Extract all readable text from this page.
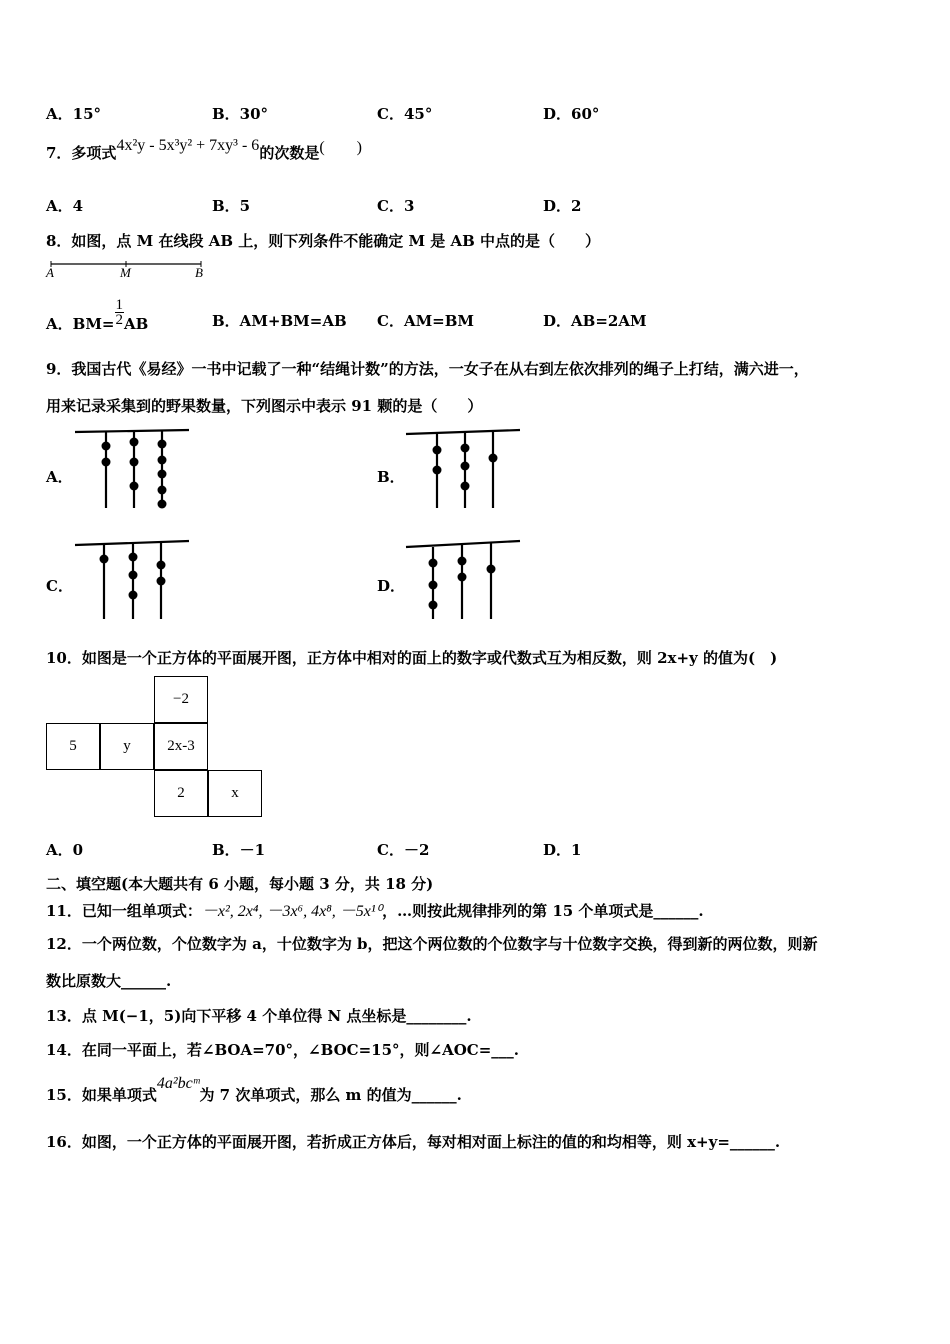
A．15°	B．30°	C．45°	D．60°
7．多项式4x²y - 5x³y² + 7xy³ - 6的次数是(　　)
A．4	B．5	C．3	D．2
8．如图，点 M 在线段 AB 上，则下列条件不能确定 M 是 AB 中点的是（　　）
A	M	B
A．$BM= \frac{1}{2}$ AB	B．AM+BM=AB C．AM=BM	D．AB=2AM
9．我国古代《易经》一书中记载了一种“结绳计数”的方法，一女子在从右到左依次排列的绳子上打结，满六进一，
用来记录采集到的野果数量，下列图示中表示 91 颗的是（　　）
A．	B．
C．	D．
10．如图是一个正方体的平面展开图，正方体中相对的面上的数字或代数式互为相反数，则 2x+y 的值为(　)
−2
5	y	2x-3
2	x
A．0	B．－1	C．－2	D．1
二、填空题(本大题共有 6 小题，每小题 3 分，共 18 分)
11．已知一组单项式：－x², 2x⁴, －3x⁶, 4x⁸, －5x¹⁰，…则按此规律排列的第 15 个单项式是______.
12．一个两位数，个位数字为 a，十位数字为 b，把这个两位数的个位数字与十位数字交换，得到新的两位数，则新
数比原数大______.
13．点 M(−1，5)向下平移 4 个单位得 N 点坐标是________.
14．在同一平面上，若∠BOA=70°，∠BOC=15°，则∠AOC=___.
15．如果单项式4a²bcᵐ为 7 次单项式，那么 m 的值为______.
16．如图，一个正方体的平面展开图，若折成正方体后，每对相对面上标注的值的和均相等，则 x+y=______.
